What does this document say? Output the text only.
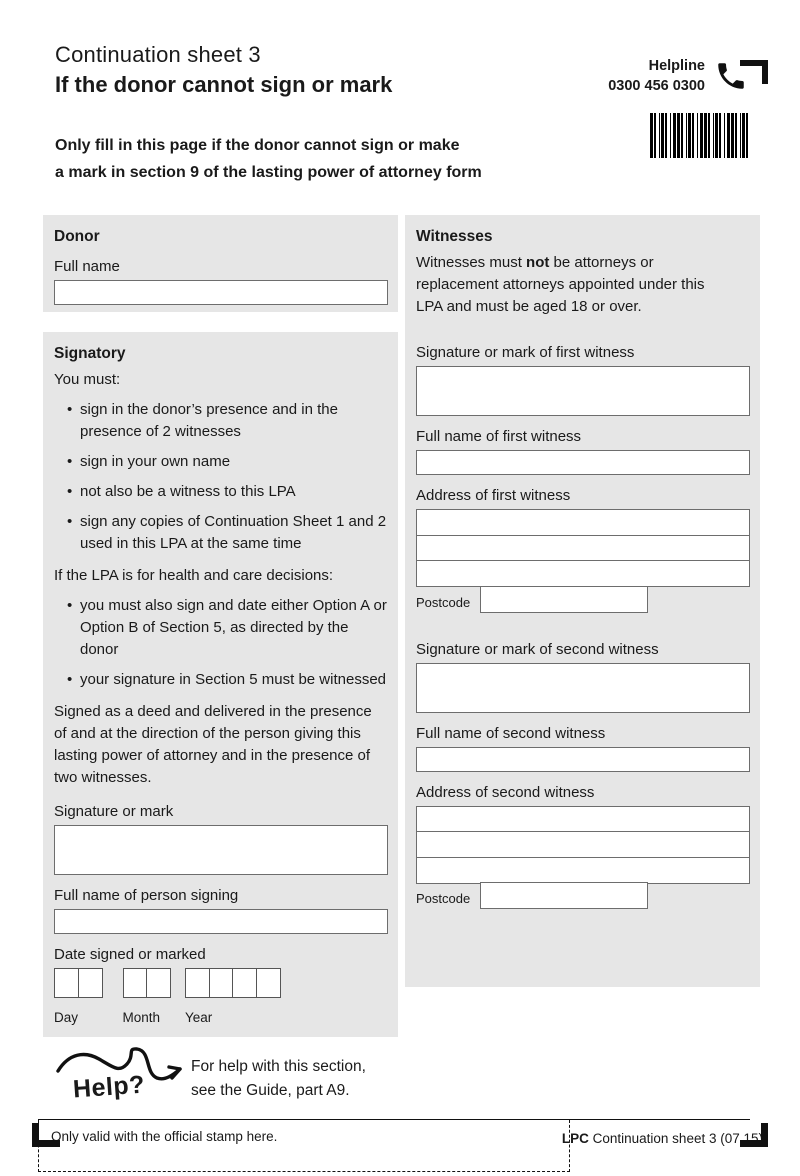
Continuation sheet 3
If the donor cannot sign or mark
Helpline
0300 456 0300
Only fill in this page if the donor cannot sign or make
a mark in section 9 of the lasting power of attorney form
Donor
Full name
Signatory

You must:

• sign in the donor’s presence and in the presence of 2 witnesses
• sign in your own name
• not also be a witness to this LPA
• sign any copies of Continuation Sheet 1 and 2 used in this LPA at the same time

If the LPA is for health and care decisions:

• you must also sign and date either Option A or Option B of Section 5, as directed by the donor
• your signature in Section 5 must be witnessed

Signed as a deed and delivered in the presence of and at the direction of the person giving this lasting power of attorney and in the presence of two witnesses.

Signature or mark
Full name of person signing
Date signed or marked
Day	Month	Year
Witnesses

Witnesses must not be attorneys or replacement attorneys appointed under this LPA and must be aged 18 or over.

Signature or mark of first witness
Full name of first witness
Address of first witness
Postcode
Signature or mark of second witness
Full name of second witness
Address of second witness
Postcode
Help?
For help with this section,
see the Guide, part A9.
Only valid with the official stamp here.	LPC Continuation sheet 3 (07.15)
